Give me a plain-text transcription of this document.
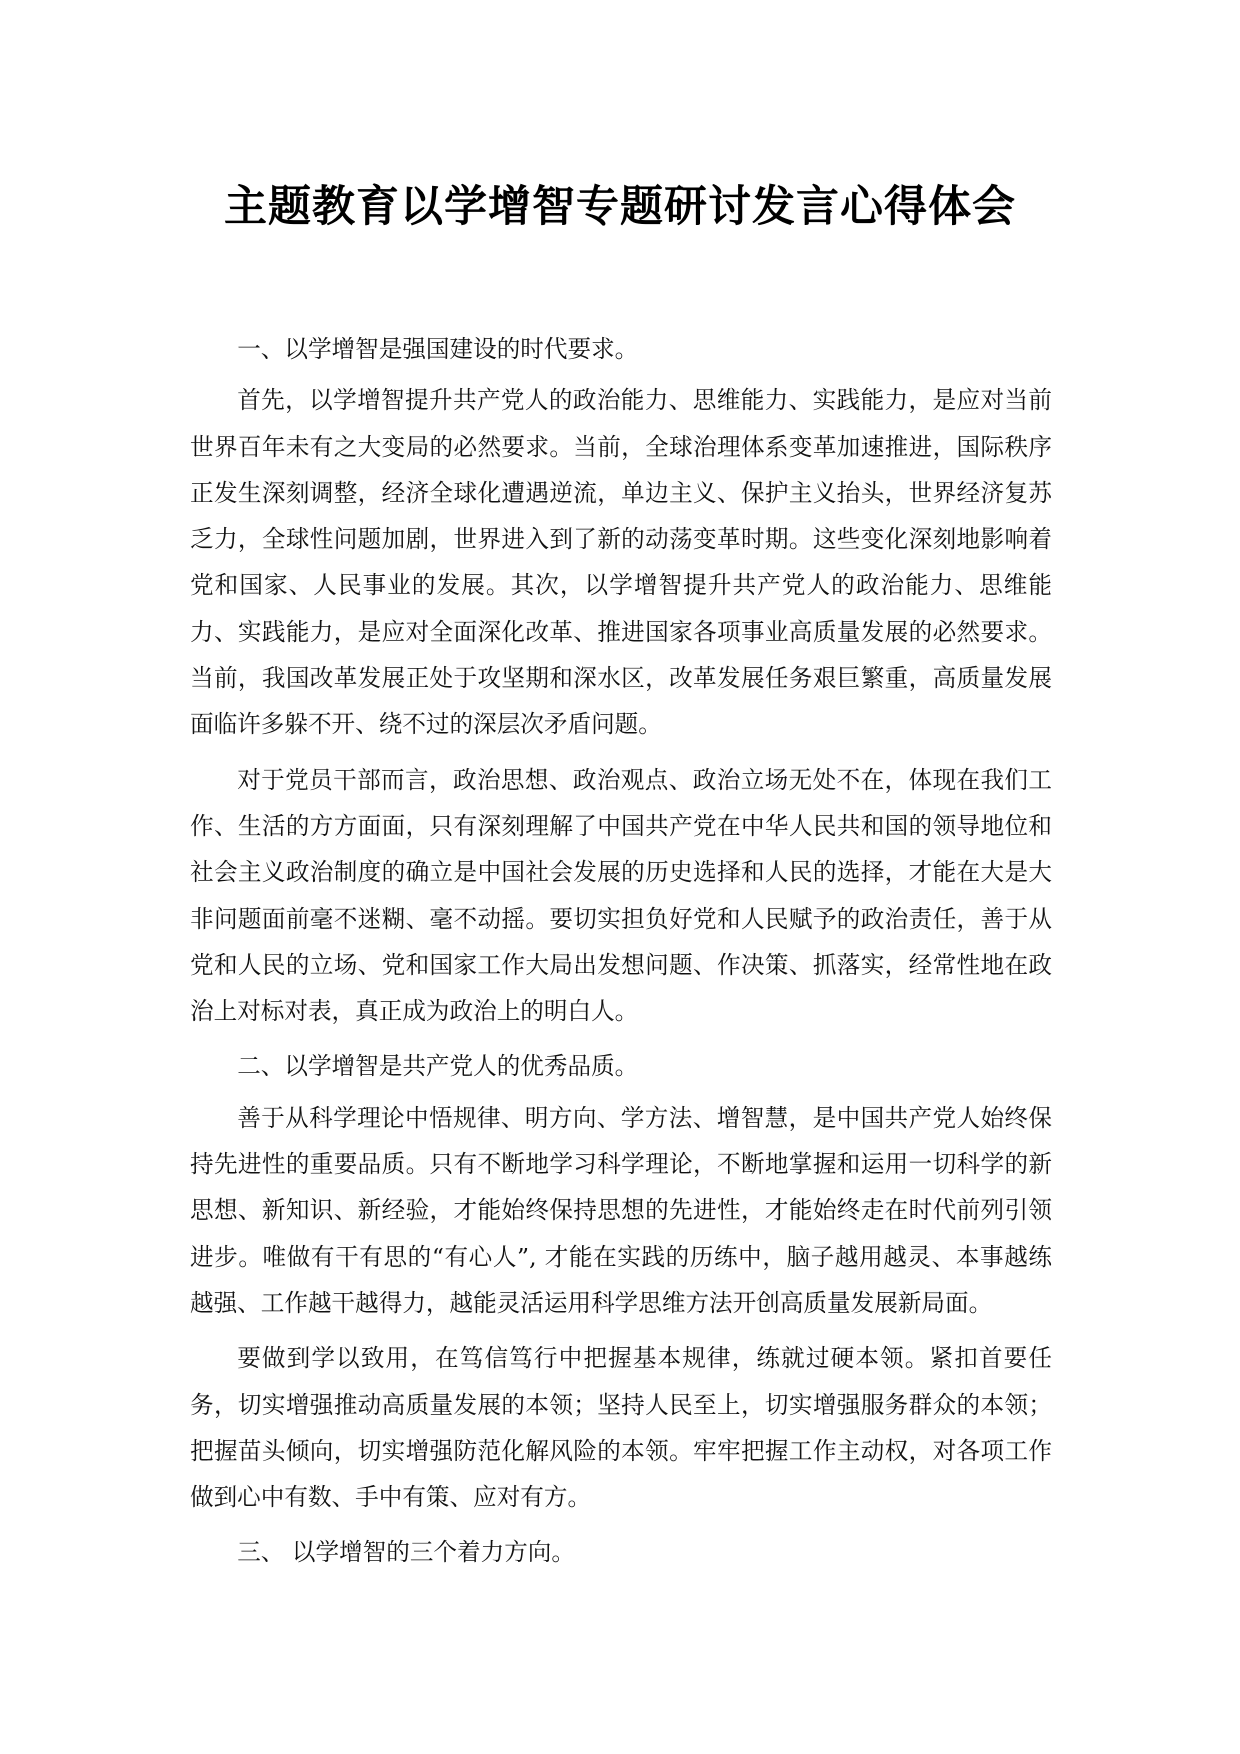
主题教育以学增智专题研讨发言心得体会

一、以学增智是强国建设的时代要求。

首先，以学增智提升共产党人的政治能力、思维能力、实践能力，是应对当前世界百年未有之大变局的必然要求。当前，全球治理体系变革加速推进，国际秩序正发生深刻调整，经济全球化遭遇逆流，单边主义、保护主义抬头，世界经济复苏乏力，全球性问题加剧，世界进入到了新的动荡变革时期。这些变化深刻地影响着党和国家、人民事业的发展。其次，以学增智提升共产党人的政治能力、思维能力、实践能力，是应对全面深化改革、推进国家各项事业高质量发展的必然要求。当前，我国改革发展正处于攻坚期和深水区，改革发展任务艰巨繁重，高质量发展面临许多躲不开、绕不过的深层次矛盾问题。

对于党员干部而言，政治思想、政治观点、政治立场无处不在，体现在我们工作、生活的方方面面，只有深刻理解了中国共产党在中华人民共和国的领导地位和社会主义政治制度的确立是中国社会发展的历史选择和人民的选择，才能在大是大非问题面前毫不迷糊、毫不动摇。要切实担负好党和人民赋予的政治责任，善于从党和人民的立场、党和国家工作大局出发想问题、作决策、抓落实，经常性地在政治上对标对表，真正成为政治上的明白人。

二、以学增智是共产党人的优秀品质。

善于从科学理论中悟规律、明方向、学方法、增智慧，是中国共产党人始终保持先进性的重要品质。只有不断地学习科学理论，不断地掌握和运用一切科学的新思想、新知识、新经验，才能始终保持思想的先进性，才能始终走在时代前列引领进步。唯做有干有思的“有心人”, 才能在实践的历练中，脑子越用越灵、本事越练越强、工作越干越得力，越能灵活运用科学思维方法开创高质量发展新局面。

要做到学以致用，在笃信笃行中把握基本规律，练就过硬本领。紧扣首要任务，切实增强推动高质量发展的本领；坚持人民至上，切实增强服务群众的本领；把握苗头倾向，切实增强防范化解风险的本领。牢牢把握工作主动权，对各项工作做到心中有数、手中有策、应对有方。

三、 以学增智的三个着力方向。
